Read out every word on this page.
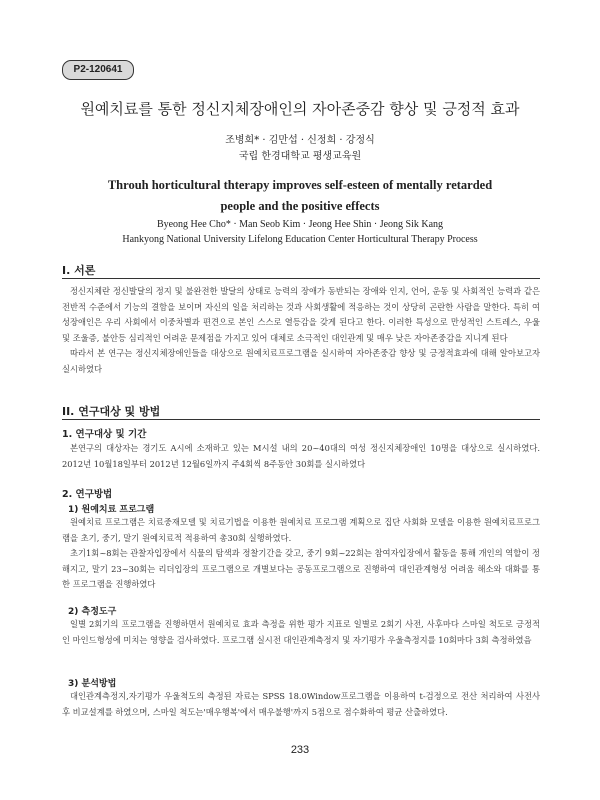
P2-120641
원예치료를 통한 정신지체장애인의 자아존중감 향상 및 긍정적 효과
조병희* · 김만섭 · 신정희 · 강정식
국립 한경대학교 평생교육원
Throuh horticultural thterapy improves self-esteen of mentally retarded
people and the positive effects
Byeong Hee Cho* · Man Seob Kim · Jeong Hee Shin · Jeong Sik Kang
Hankyong National University Lifelong Education Center Horticultural Therapy Process
I. 서론

정신지체란 정신발달의 정지 및 불완전한 발달의 상태로 능력의 장애가 동반되는 장애와 인지, 언어, 운동 및 사회적인 능력과 같은 전반적 수준에서 기능의 결함을 보이며 자신의 일을 처리하는 것과 사회생활에 적응하는 것이 상당히 곤란한 사람을 말한다. 특히 여성장애인은 우리 사회에서 이중차별과 편견으로 본인 스스로 열등감을 갖게 된다고 한다. 이러한 특성으로 만성적인 스트레스, 우울 및 조울증, 불안등 심리적인 어려운 문제점을 가지고 있어 대체로 소극적인 대인관계 및 매우 낮은 자아존중감을 지니게 된다

따라서 본 연구는 정신지체장애인들을 대상으로 원예치료프로그램을 실시하여 자아존중감 향상 및 긍정적효과에 대해 알아보고자 실시하였다

II. 연구대상 및 방법
1. 연구대상 및 기간

본연구의 대상자는 경기도 A시에 소재하고 있는 M시설 내의 20~40대의 여성 정신지체장애인 10명을 대상으로 실시하였다. 2012년 10월18일부터 2012년 12월6일까지 주4회씩 8주동안 30회를 실시하였다

2. 연구방법
1) 원예치료 프로그램

원예치료 프로그램은 치료중재모델 및 치료기법을 이용한 원예치료 프로그램 계획으로 집단 사회화 모델을 이용한 원예치료프로그램을 초기, 중기, 말기 원예치료적 적용하여 총30회 실행하였다.

초기1회~8회는 관찰자입장에서 식물의 탐색과 정찰기간을 갖고, 중기 9회~22회는 참여자입장에서 활동을 통해 개인의 역할이 정해지고, 말기 23~30회는 리더입장의 프로그램으로 개별보다는 공동프로그램으로 진행하여 대인관계형성 어려움 해소와 대화를 통한 프로그램을 진행하였다

2) 측정도구

일별 2회기의 프로그램을 진행하면서 원예치료 효과 측정을 위한 평가 지표로 일별로 2회기 사전, 사후마다 스마일 척도로 긍정적인 마인드형성에 미치는 영향을 검사하였다. 프로그램 실시전 대인관계측정지 및 자기평가 우울측정지를 10회마다 3회 측정하였음

3) 분석방법

대인관계측정지,자기평가 우울척도의 측정된 자료는 SPSS 18.0Window프로그램을 이용하여 t-검정으로 전산 처리하여 사전사후 비교설계를 하였으며, 스마일 척도는'매우행복'에서 매우불행'까지 5점으로 점수화하여 평균 산출하였다.

233
